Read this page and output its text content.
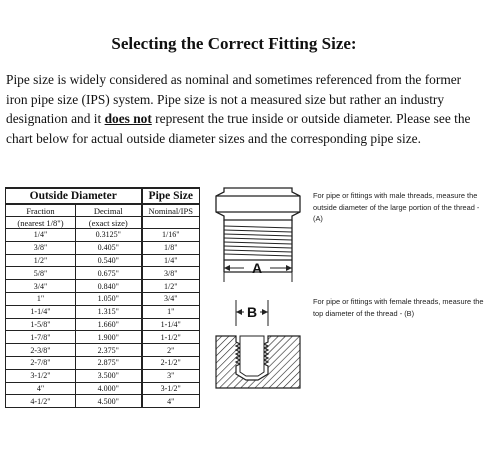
Selecting the Correct Fitting Size:
Pipe size is widely considered as nominal and sometimes referenced from the former iron pipe size (IPS) system. Pipe size is not a measured size but rather an industry designation and it does not represent the true inside or outside diameter. Please see the chart below for actual outside diameter sizes and the corresponding pipe size.
Outside Diameter		Pipe Size
Fraction	Decimal	Nominal/IPS
(nearest 1/8")	(exact size)	
1/4"	0.3125"	1/16"
3/8"	0.405"	1/8"
1/2"	0.540"	1/4"
5/8"	0.675"	3/8"
3/4"	0.840"	1/2"
1"	1.050"	3/4"
1-1/4"	1.315"	1"
1-5/8"	1.660"	1-1/4"
1-7/8"	1.900"	1-1/2"
2-3/8"	2.375"	2"
2-7/8"	2.875"	2-1/2"
3-1/2"	3.500"	3"
4"	4.000"	3-1/2"
4-1/2"	4.500"	4"
A
B
For pipe or fittings with male threads, measure the outside diameter of the large portion of the thread - (A)
For pipe or fittings with female threads, measure the top diameter of the thread - (B)
